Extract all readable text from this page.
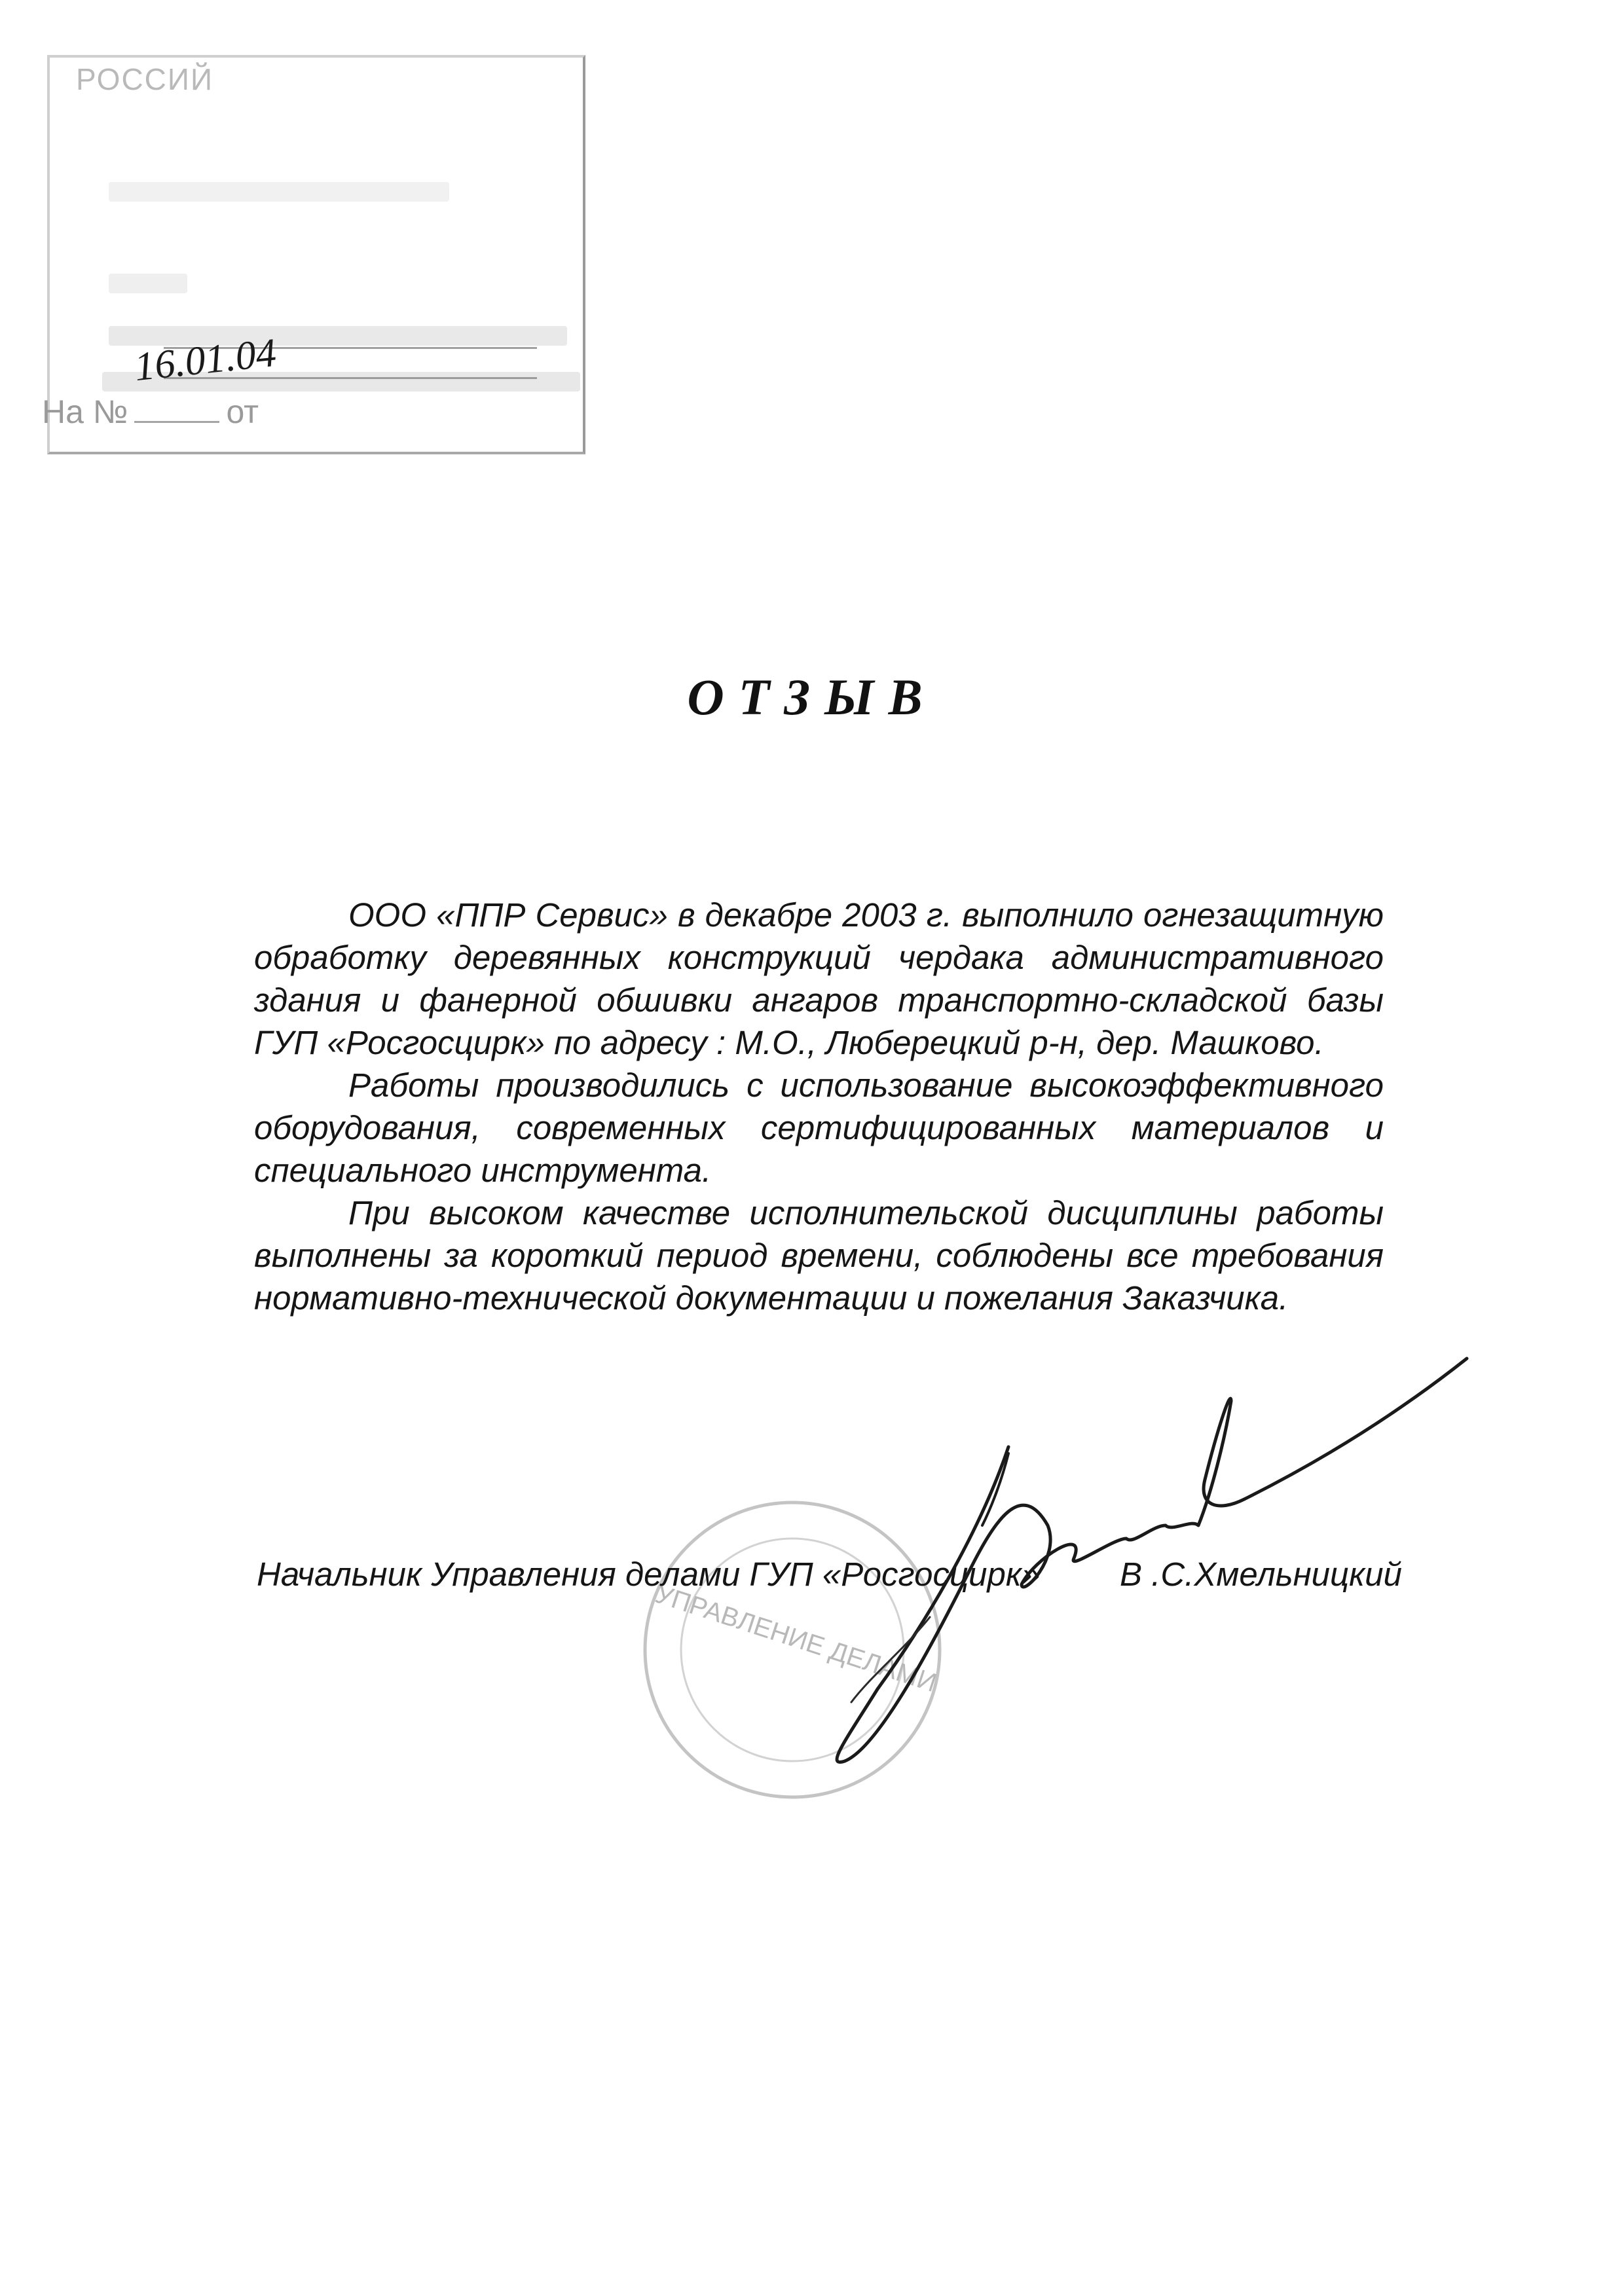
РОССИЙ
16.01.04
На №	от
ОТЗЫВ

ООО «ППР Сервис» в декабре 2003 г. выполнило огнезащитную обработку деревянных конструкций чердака административного здания и фанерной обшивки ангаров транспортно-складской базы ГУП «Росгосцирк» по адресу : М.О., Люберецкий р-н, дер. Машково.

Работы производились с использование высокоэффективного оборудования, современных сертифицированных материалов и специального инструмента.

При высоком качестве исполнительской дисциплины работы выполнены за короткий период времени, соблюдены все требования нормативно-технической документации и пожелания Заказчика.

УПРАВЛЕНИЕ ДЕЛАМИ
Начальник Управления делами ГУП «Росгосцирк» В .С.Хмельницкий
